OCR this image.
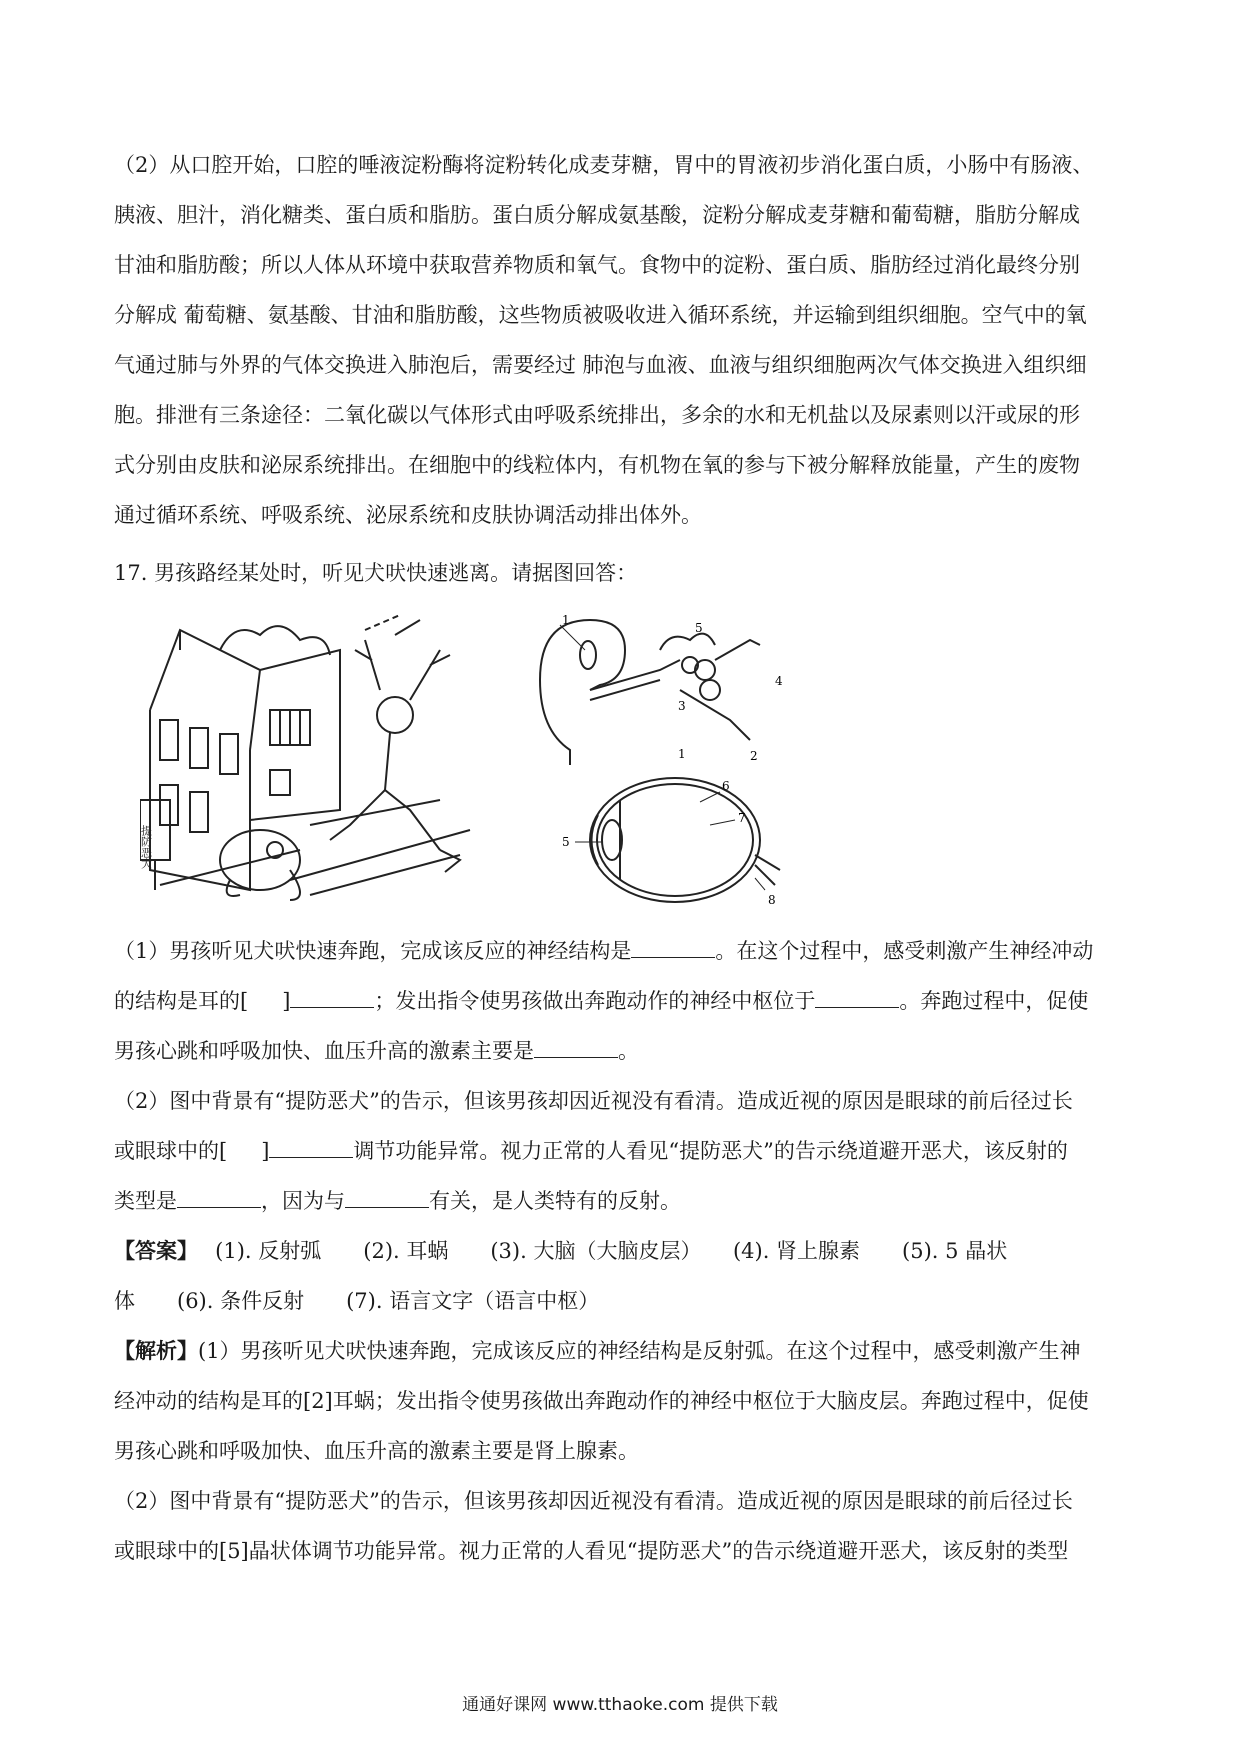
（2）从口腔开始，口腔的唾液淀粉酶将淀粉转化成麦芽糖，胃中的胃液初步消化蛋白质，小肠中有肠液、
胰液、胆汁，消化糖类、蛋白质和脂肪。蛋白质分解成氨基酸，淀粉分解成麦芽糖和葡萄糖，脂肪分解成
甘油和脂肪酸；所以人体从环境中获取营养物质和氧气。食物中的淀粉、蛋白质、脂肪经过消化最终分别
分解成 葡萄糖、氨基酸、甘油和脂肪酸，这些物质被吸收进入循环系统，并运输到组织细胞。空气中的氧
气通过肺与外界的气体交换进入肺泡后，需要经过 肺泡与血液、血液与组织细胞两次气体交换进入组织细
胞。排泄有三条途径：二氧化碳以气体形式由呼吸系统排出，多余的水和无机盐以及尿素则以汗或尿的形
式分别由皮肤和泌尿系统排出。在细胞中的线粒体内，有机物在氧的参与下被分解释放能量，产生的废物
通过循环系统、呼吸系统、泌尿系统和皮肤协调活动排出体外。
17. 男孩路经某处时，听见犬吠快速逃离。请据图回答：
提防恶犬
1
5
3
4
2
1
6
7
5
8
（1）男孩听见犬吠快速奔跑，完成该反应的神经结构是	。在这个过程中，感受刺激产生神经冲动
的结构是耳的[ ]	；发出指令使男孩做出奔跑动作的神经中枢位于	。奔跑过程中，促使
男孩心跳和呼吸加快、血压升高的激素主要是	。
（2）图中背景有“提防恶犬”的告示，但该男孩却因近视没有看清。造成近视的原因是眼球的前后径过长
或眼球中的[ ]	调节功能异常。视力正常的人看见“提防恶犬”的告示绕道避开恶犬，该反射的
类型是	，因为与	有关，是人类特有的反射。
【答案】　 (1). 反射弧　　(2). 耳蜗　　(3). 大脑（大脑皮层）　　(4). 肾上腺素　　(5). 5 晶状
体　　(6). 条件反射　　(7). 语言文字（语言中枢）
【解析】(1）男孩听见犬吠快速奔跑，完成该反应的神经结构是反射弧。在这个过程中，感受刺激产生神
经冲动的结构是耳的[2]耳蜗；发出指令使男孩做出奔跑动作的神经中枢位于大脑皮层。奔跑过程中，促使
男孩心跳和呼吸加快、血压升高的激素主要是肾上腺素。
（2）图中背景有“提防恶犬”的告示，但该男孩却因近视没有看清。造成近视的原因是眼球的前后径过长
或眼球中的[5]晶状体调节功能异常。视力正常的人看见“提防恶犬”的告示绕道避开恶犬，该反射的类型
通通好课网 www.tthaoke.com 提供下载
